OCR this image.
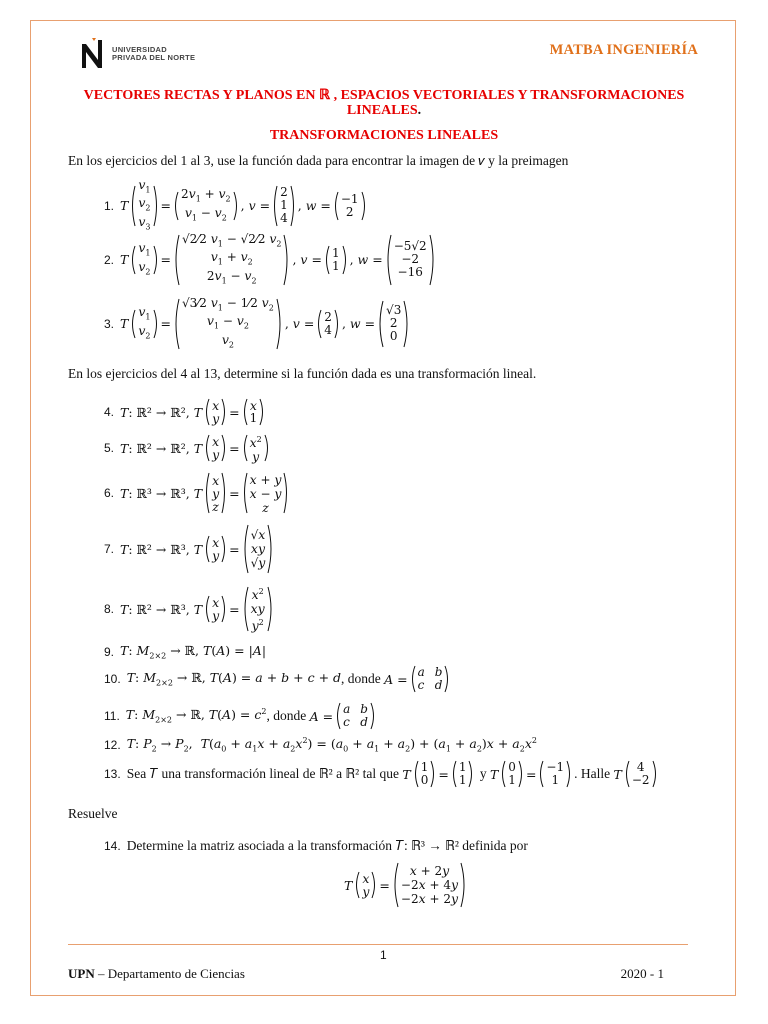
UNIVERSIDAD
PRIVADA DEL NORTE	MATBA INGENIERÍA
VECTORES RECTAS Y PLANOS EN ℝ , ESPACIOS VECTORIALES Y TRANSFORMACIONES
LINEALES.
TRANSFORMACIONES LINEALES
En los ejercicios del 1 al 3, use la función dada para encontrar la imagen de 𝑣 y la preimagen
1. T
$v_1$
$v_2$
$v_3$
=
$2v_1 + v_2$
$v_1 - v_2$
, v =
2
1
4
, w = −1
2
2. T
$v_1$
$v_2$
=
√2⁄2 $v_1$ − √2⁄2 $v_2$
$v_1 + v_2$
$2v_1 - v_2$
, v = 1
1 , w =
−5√2
−2
−16
3. T
$v_1$
$v_2$
=
√3⁄2 $v_1$ − 1⁄2 $v_2$
$v_1 - v_2$
$v_2$
, v = 2
4 , w =
√3
2
0
En los ejercicios del 4 al 13, determine si la función dada es una transformación lineal.
4. T: ℝ² → ℝ², T x
y = x
1
5. T: ℝ² → ℝ², T x
$y = x^2$
y
6. T: ℝ³ → ℝ³, T
x
y
z
=
x + y
x − y
z
7. T: ℝ² → ℝ³, T x
y =
√x
xy
√y
8. T: ℝ² → ℝ³, T x
y =
$x^2$
xy
$y^2$
9. T: $M_{2\times 2}$ → ℝ, T(A) = |A|
10. T: $M_{2\times 2}$ → ℝ, T(A) = a + b + c + d , donde A = a b
c d
11. T: $M_{2\times 2}$ → ℝ, $T(A) = c^2$ , donde A = a b
c d
12. T: $P_2 \to P_2$,  $T(a_0 + a_1x + a_2x^2) = (a_0 + a_1 + a_2) + (a_1 + a_2)x + a_2x^2$
13. Sea 𝑇 una transformación lineal de ℝ² a ℝ² tal que
T 1
0 = 1
1 y T 0
1 = −1
1 . Halle
T 4
−2
Resuelve
14. Determine la matriz asociada a la transformación 𝑇: ℝ³ → ℝ² definida por
T x
y =
x + 2y
−2x + 4y
−2x + 2y
1
UPN – Departamento de Ciencias	2020 - 1
